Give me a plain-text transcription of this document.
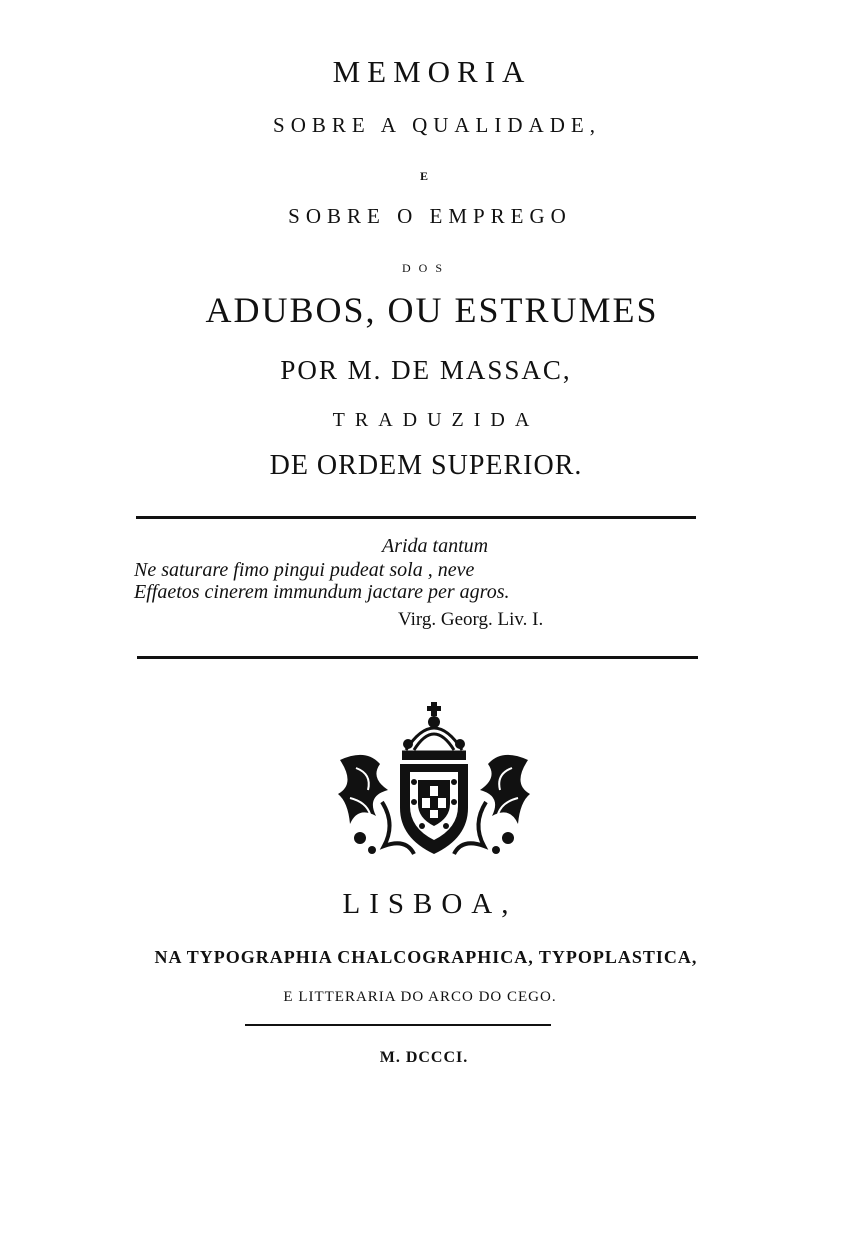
MEMORIA
SOBRE A QUALIDADE,
E
SOBRE O EMPREGO
DOS
ADUBOS, OU ESTRUMES
POR M. DE MASSAC,
TRADUZIDA
DE ORDEM SUPERIOR.
Arida tantum
Ne saturare fimo pingui pudeat sola , neve
Effaetos cinerem immundum jactare per agros.
Virg. Georg. Liv. I.
LISBOA,
NA TYPOGRAPHIA CHALCOGRAPHICA, TYPOPLASTICA,
E LITTERARIA DO ARCO DO CEGO.
M. DCCCI.
